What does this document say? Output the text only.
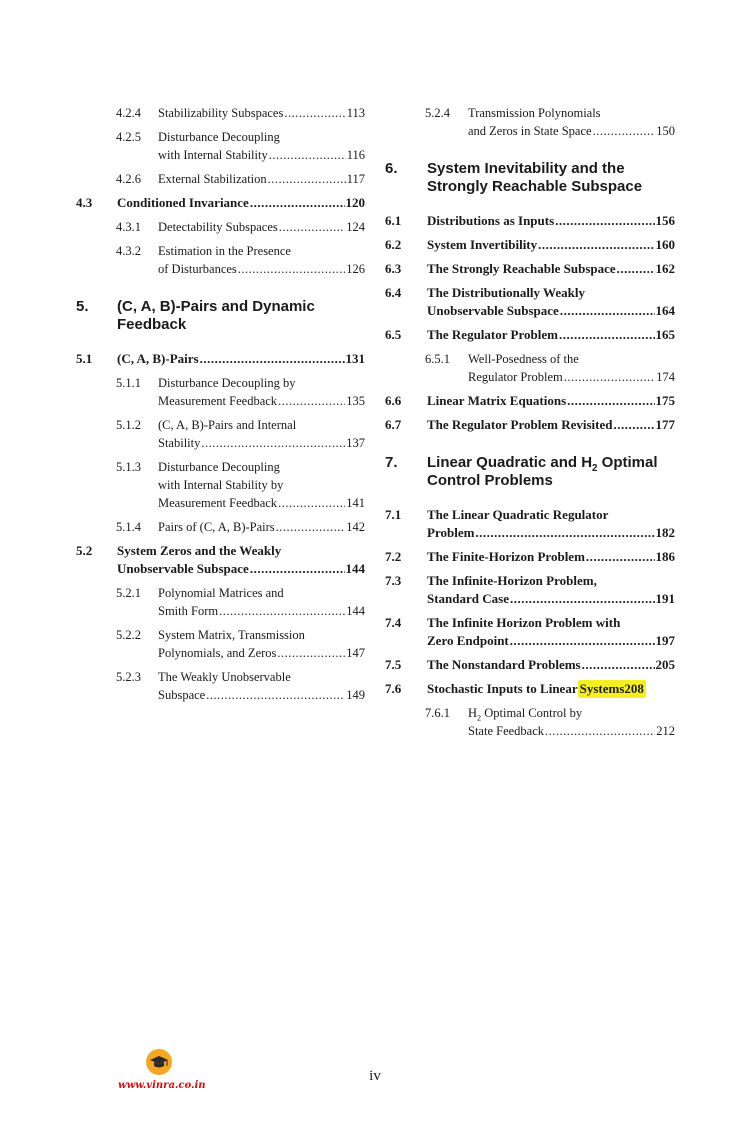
4.2.4 Stabilizability Subspaces .....	113
4.2.5 Disturbance Decoupling
with Internal Stability .....	116
4.2.6 External Stabilization .....	117
4.3 Conditioned Invariance .....	120
4.3.1 Detectability Subspaces .....	124
4.3.2 Estimation in the Presence
of Disturbances .....	126
5. (C, A, B)-Pairs and Dynamic
Feedback
5.1 (C, A, B)-Pairs .....	131
5.1.1 Disturbance Decoupling by
Measurement Feedback .....	135
5.1.2 (C, A, B)-Pairs and Internal
Stability .....	137
5.1.3 Disturbance Decoupling
with Internal Stability by
Measurement Feedback .....	141
5.1.4 Pairs of (C, A, B)-Pairs .....	142
5.2 System Zeros and the Weakly
Unobservable Subspace .....	144
5.2.1 Polynomial Matrices and
Smith Form .....	144
5.2.2 System Matrix, Transmission
Polynomials, and Zeros .....	147
5.2.3 The Weakly Unobservable
Subspace .....	149
5.2.4 Transmission Polynomials
and Zeros in State Space .....	150
6. System Inevitability and the
Strongly Reachable Subspace
6.1 Distributions as Inputs .....	156
6.2 System Invertibility .....	160
6.3 The Strongly Reachable Subspace .....	162
6.4 The Distributionally Weakly
Unobservable Subspace .....	164
6.5 The Regulator Problem .....	165
6.5.1 Well-Posedness of the
Regulator Problem .....	174
6.6 Linear Matrix Equations .....	175
6.7 The Regulator Problem Revisited .....	177
7. Linear Quadratic and $H_2$ Optimal
Control Problems
7.1 The Linear Quadratic Regulator
Problem .....	182
7.2 The Finite-Horizon Problem .....	186
7.3 The Infinite-Horizon Problem,
Standard Case .....	191
7.4 The Infinite Horizon Problem with
Zero Endpoint .....	197
7.5 The Nonstandard Problems .....	205
7.6 Stochastic Inputs to Linear Systems208
7.6.1 $H_2$ Optimal Control by
State Feedback .....	212
www.vinra.co.in
iv
